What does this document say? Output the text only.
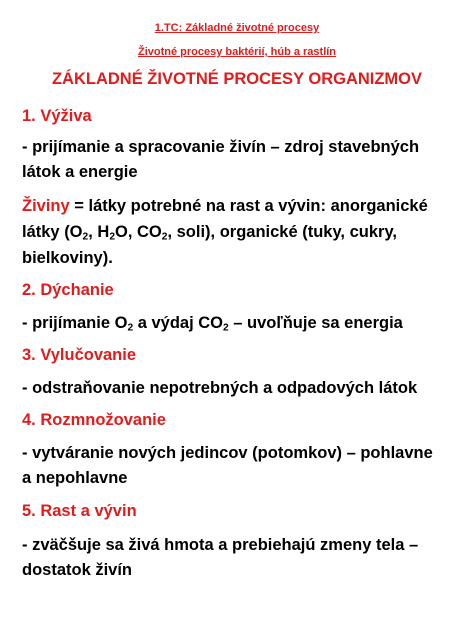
1.TC: Základné životné procesy
Životné procesy baktérií, húb a rastlín
ZÁKLADNÉ ŽIVOTNÉ PROCESY ORGANIZMOV
1. Výživa
- prijímanie a spracovanie živín – zdroj stavebných
látok a energie
Živiny = látky potrebné na rast a vývin: anorganické
látky ($O_2$, $H_2O$, $CO_2$, soli), organické (tuky, cukry,
bielkoviny).
2. Dýchanie
- prijímanie $O_2$ a výdaj $CO_2$ – uvoľňuje sa energia
3. Vylučovanie
- odstraňovanie nepotrebných a odpadových látok
4. Rozmnožovanie
- vytváranie nových jedincov (potomkov) – pohlavne
a nepohlavne
5. Rast a vývin
- zväčšuje sa živá hmota a prebiehajú zmeny tela –
dostatok živín
